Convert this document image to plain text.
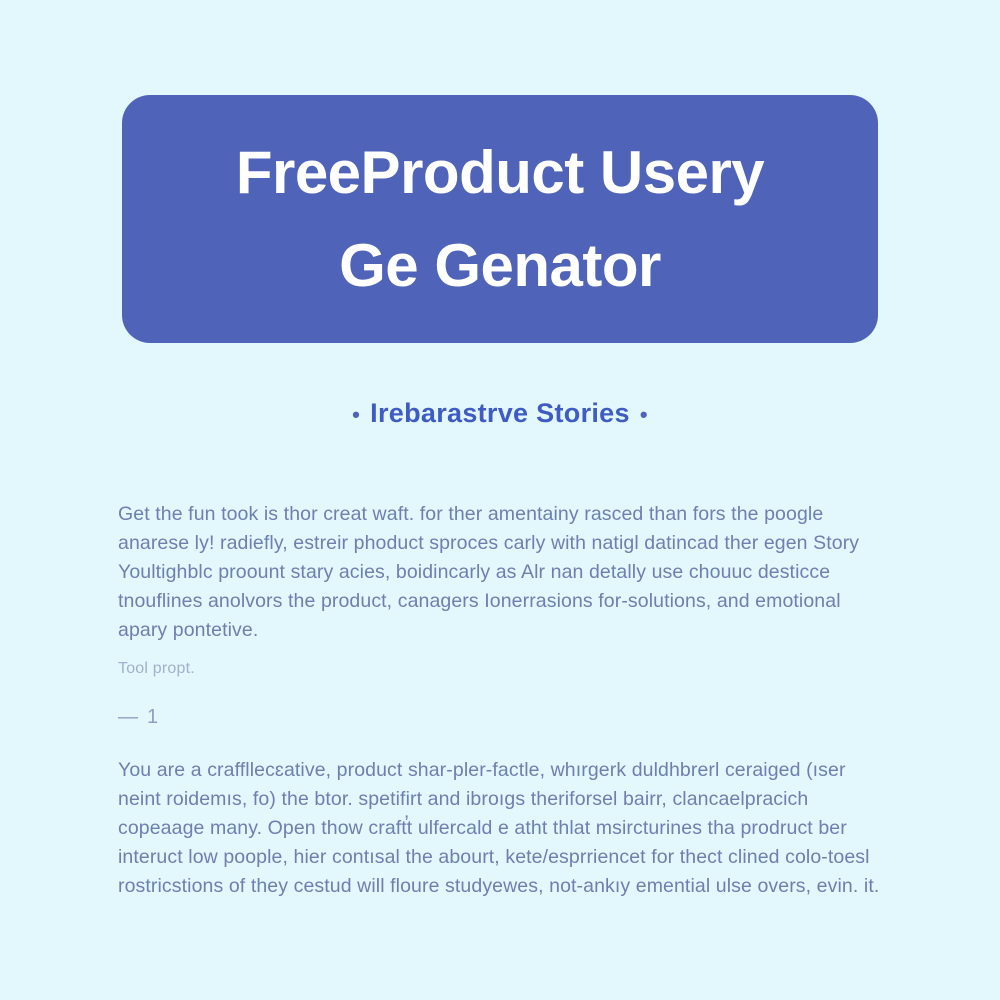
FreeProduct Usery
Ge Genator
• Irebarastrve Stories •

Get the fun took is thor creat waft. for ther amentainy rasced than fors the poogle anarese ly! radiefly, estreir phoduct sproces carly with natigl datincad ther egen Story Youltighblc proount stary acies, boidincarly as Alr nan detally use chouuc desticce tnouflines anolvors the product, canagers Ionerrasions for-solutions, and emotional apary pontetive.

Tool propt.
— 1

You are a craffllecɛative, product shar-pler-factle, whırgerk duldhbrerl ceraiged (ıser neint roidemıs, fo) the btor. spetifirt and ibroıgs theriforsel bairr, clancaelpracich copeaage many. Open thow craft̕t ulfercald e atht thlat msircturines tha prodruct ber interuct low poople, hier contısal the abourt, kete/esprriencet for thect clined colo-toesl rostricstions of they cestud will floure studyewes, not-ankıy emential ulse overs, evin. it.
